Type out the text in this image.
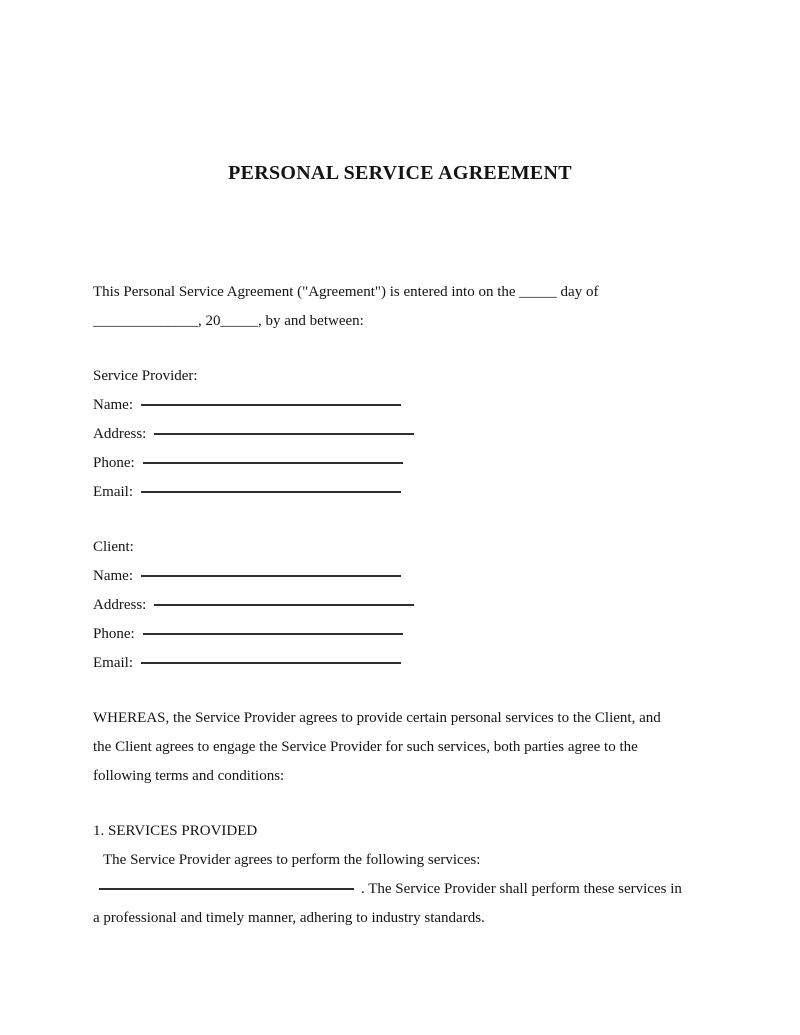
PERSONAL SERVICE AGREEMENT
This Personal Service Agreement ("Agreement") is entered into on the _____ day of
______________, 20_____, by and between:
Service Provider:
Name:
Address:
Phone:
Email:
Client:
Name:
Address:
Phone:
Email:
WHEREAS, the Service Provider agrees to provide certain personal services to the Client, and
the Client agrees to engage the Service Provider for such services, both parties agree to the
following terms and conditions:
1. SERVICES PROVIDED
The Service Provider agrees to perform the following services:
. The Service Provider shall perform these services in
a professional and timely manner, adhering to industry standards.
